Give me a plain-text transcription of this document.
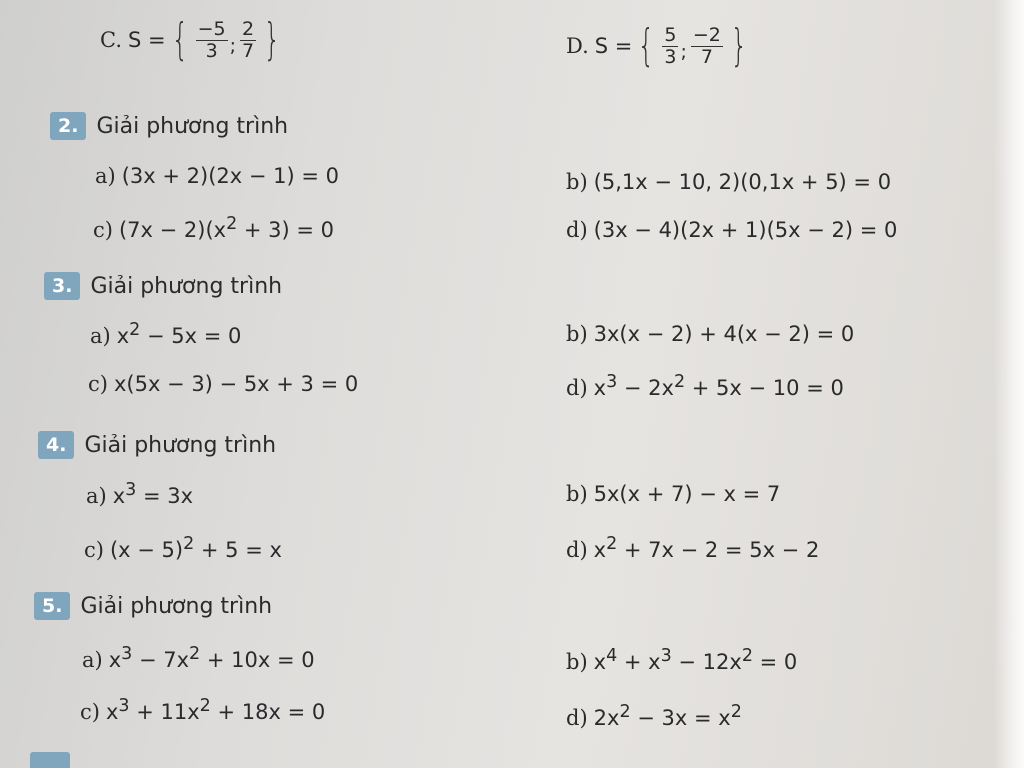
C. S = { $\frac{-5}{3}$ ; $\frac{2}{7}$ }	D. S = { $\frac{5}{3}$ ; $\frac{-2}{7}$ }
2. Giải phương trình
a) (3x + 2)(2x − 1) = 0	b) (5,1x − 10, 2)(0,1x + 5) = 0
c) $(7x - 2)(x^2 + 3) = 0$	d) (3x − 4)(2x + 1)(5x − 2) = 0
3. Giải phương trình
a) $x^2 - 5x = 0$	b) 3x(x − 2) + 4(x − 2) = 0
c) x(5x − 3) − 5x + 3 = 0	d) $x^3 - 2x^2 + 5x - 10 = 0$
4. Giải phương trình
a) $x^3 = 3x$	b) 5x(x + 7) − x = 7
c) $(x - 5)^2 + 5 = x$	d) $x^2 + 7x - 2 = 5x - 2$
5. Giải phương trình
a) $x^3 - 7x^2 + 10x = 0$	b) $x^4 + x^3 - 12x^2 = 0$
c) $x^3 + 11x^2 + 18x = 0$	d) $2x^2 - 3x = x^2$
